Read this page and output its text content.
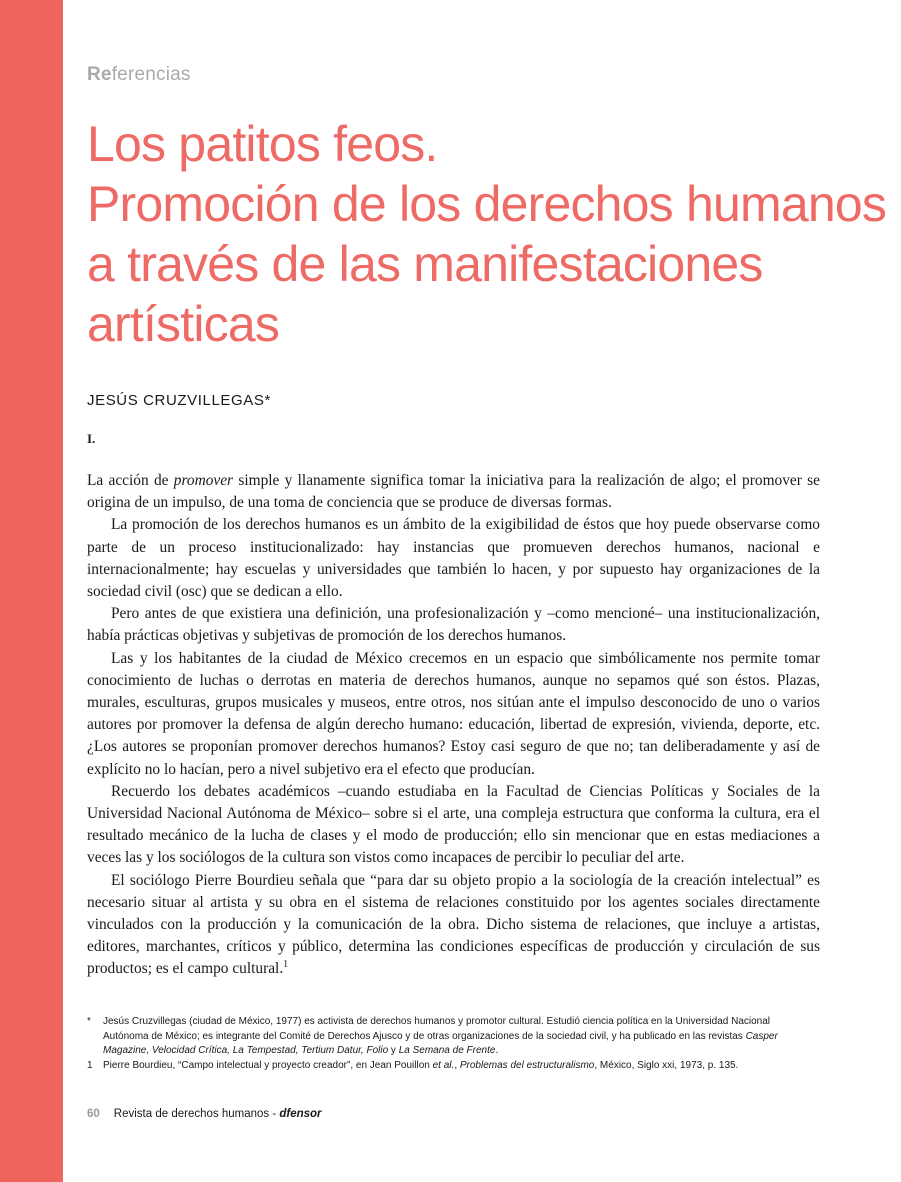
Referencias
Los patitos feos.
Promoción de los derechos humanos
a través de las manifestaciones
artísticas
JESÚS CRUZVILLEGAS*
I.

La acción de promover simple y llanamente significa tomar la iniciativa para la realización de algo; el promover se origina de un impulso, de una toma de conciencia que se produce de diversas formas.

La promoción de los derechos humanos es un ámbito de la exigibilidad de éstos que hoy puede observarse como parte de un proceso institucionalizado: hay instancias que promueven derechos humanos, nacional e internacionalmente; hay escuelas y universidades que también lo hacen, y por supuesto hay organizaciones de la sociedad civil (osc) que se dedican a ello.

Pero antes de que existiera una definición, una profesionalización y –como mencioné– una institucionalización, había prácticas objetivas y subjetivas de promoción de los derechos humanos.

Las y los habitantes de la ciudad de México crecemos en un espacio que simbólicamente nos permite tomar conocimiento de luchas o derrotas en materia de derechos humanos, aunque no sepamos qué son éstos. Plazas, murales, esculturas, grupos musicales y museos, entre otros, nos sitúan ante el impulso desconocido de uno o varios autores por promover la defensa de algún derecho humano: educación, libertad de expresión, vivienda, deporte, etc. ¿Los autores se proponían promover derechos humanos? Estoy casi seguro de que no; tan deliberadamente y así de explícito no lo hacían, pero a nivel subjetivo era el efecto que producían.

Recuerdo los debates académicos –cuando estudiaba en la Facultad de Ciencias Políticas y Sociales de la Universidad Nacional Autónoma de México– sobre si el arte, una compleja estructura que conforma la cultura, era el resultado mecánico de la lucha de clases y el modo de producción; ello sin mencionar que en estas mediaciones a veces las y los sociólogos de la cultura son vistos como incapaces de percibir lo peculiar del arte.

El sociólogo Pierre Bourdieu señala que “para dar su objeto propio a la sociología de la creación intelectual” es necesario situar al artista y su obra en el sistema de relaciones constituido por los agentes sociales directamente vinculados con la producción y la comunicación de la obra. Dicho sistema de relaciones, que incluye a artistas, editores, marchantes, críticos y público, determina las condiciones específicas de producción y circulación de sus productos; es el campo cultural.$^1$

* Jesús Cruzvillegas (ciudad de México, 1977) es activista de derechos humanos y promotor cultural. Estudió ciencia política en la Universidad Nacional Autónoma de México; es integrante del Comité de Derechos Ajusco y de otras organizaciones de la sociedad civil, y ha publicado en las revistas Casper Magazine, Velocidad Crítica, La Tempestad, Tertium Datur, Folio y La Semana de Frente.

1 Pierre Bourdieu, “Campo intelectual y proyecto creador”, en Jean Pouillon et al., Problemas del estructuralismo, México, Siglo xxi, 1973, p. 135.

60 Revista de derechos humanos - dfensor
